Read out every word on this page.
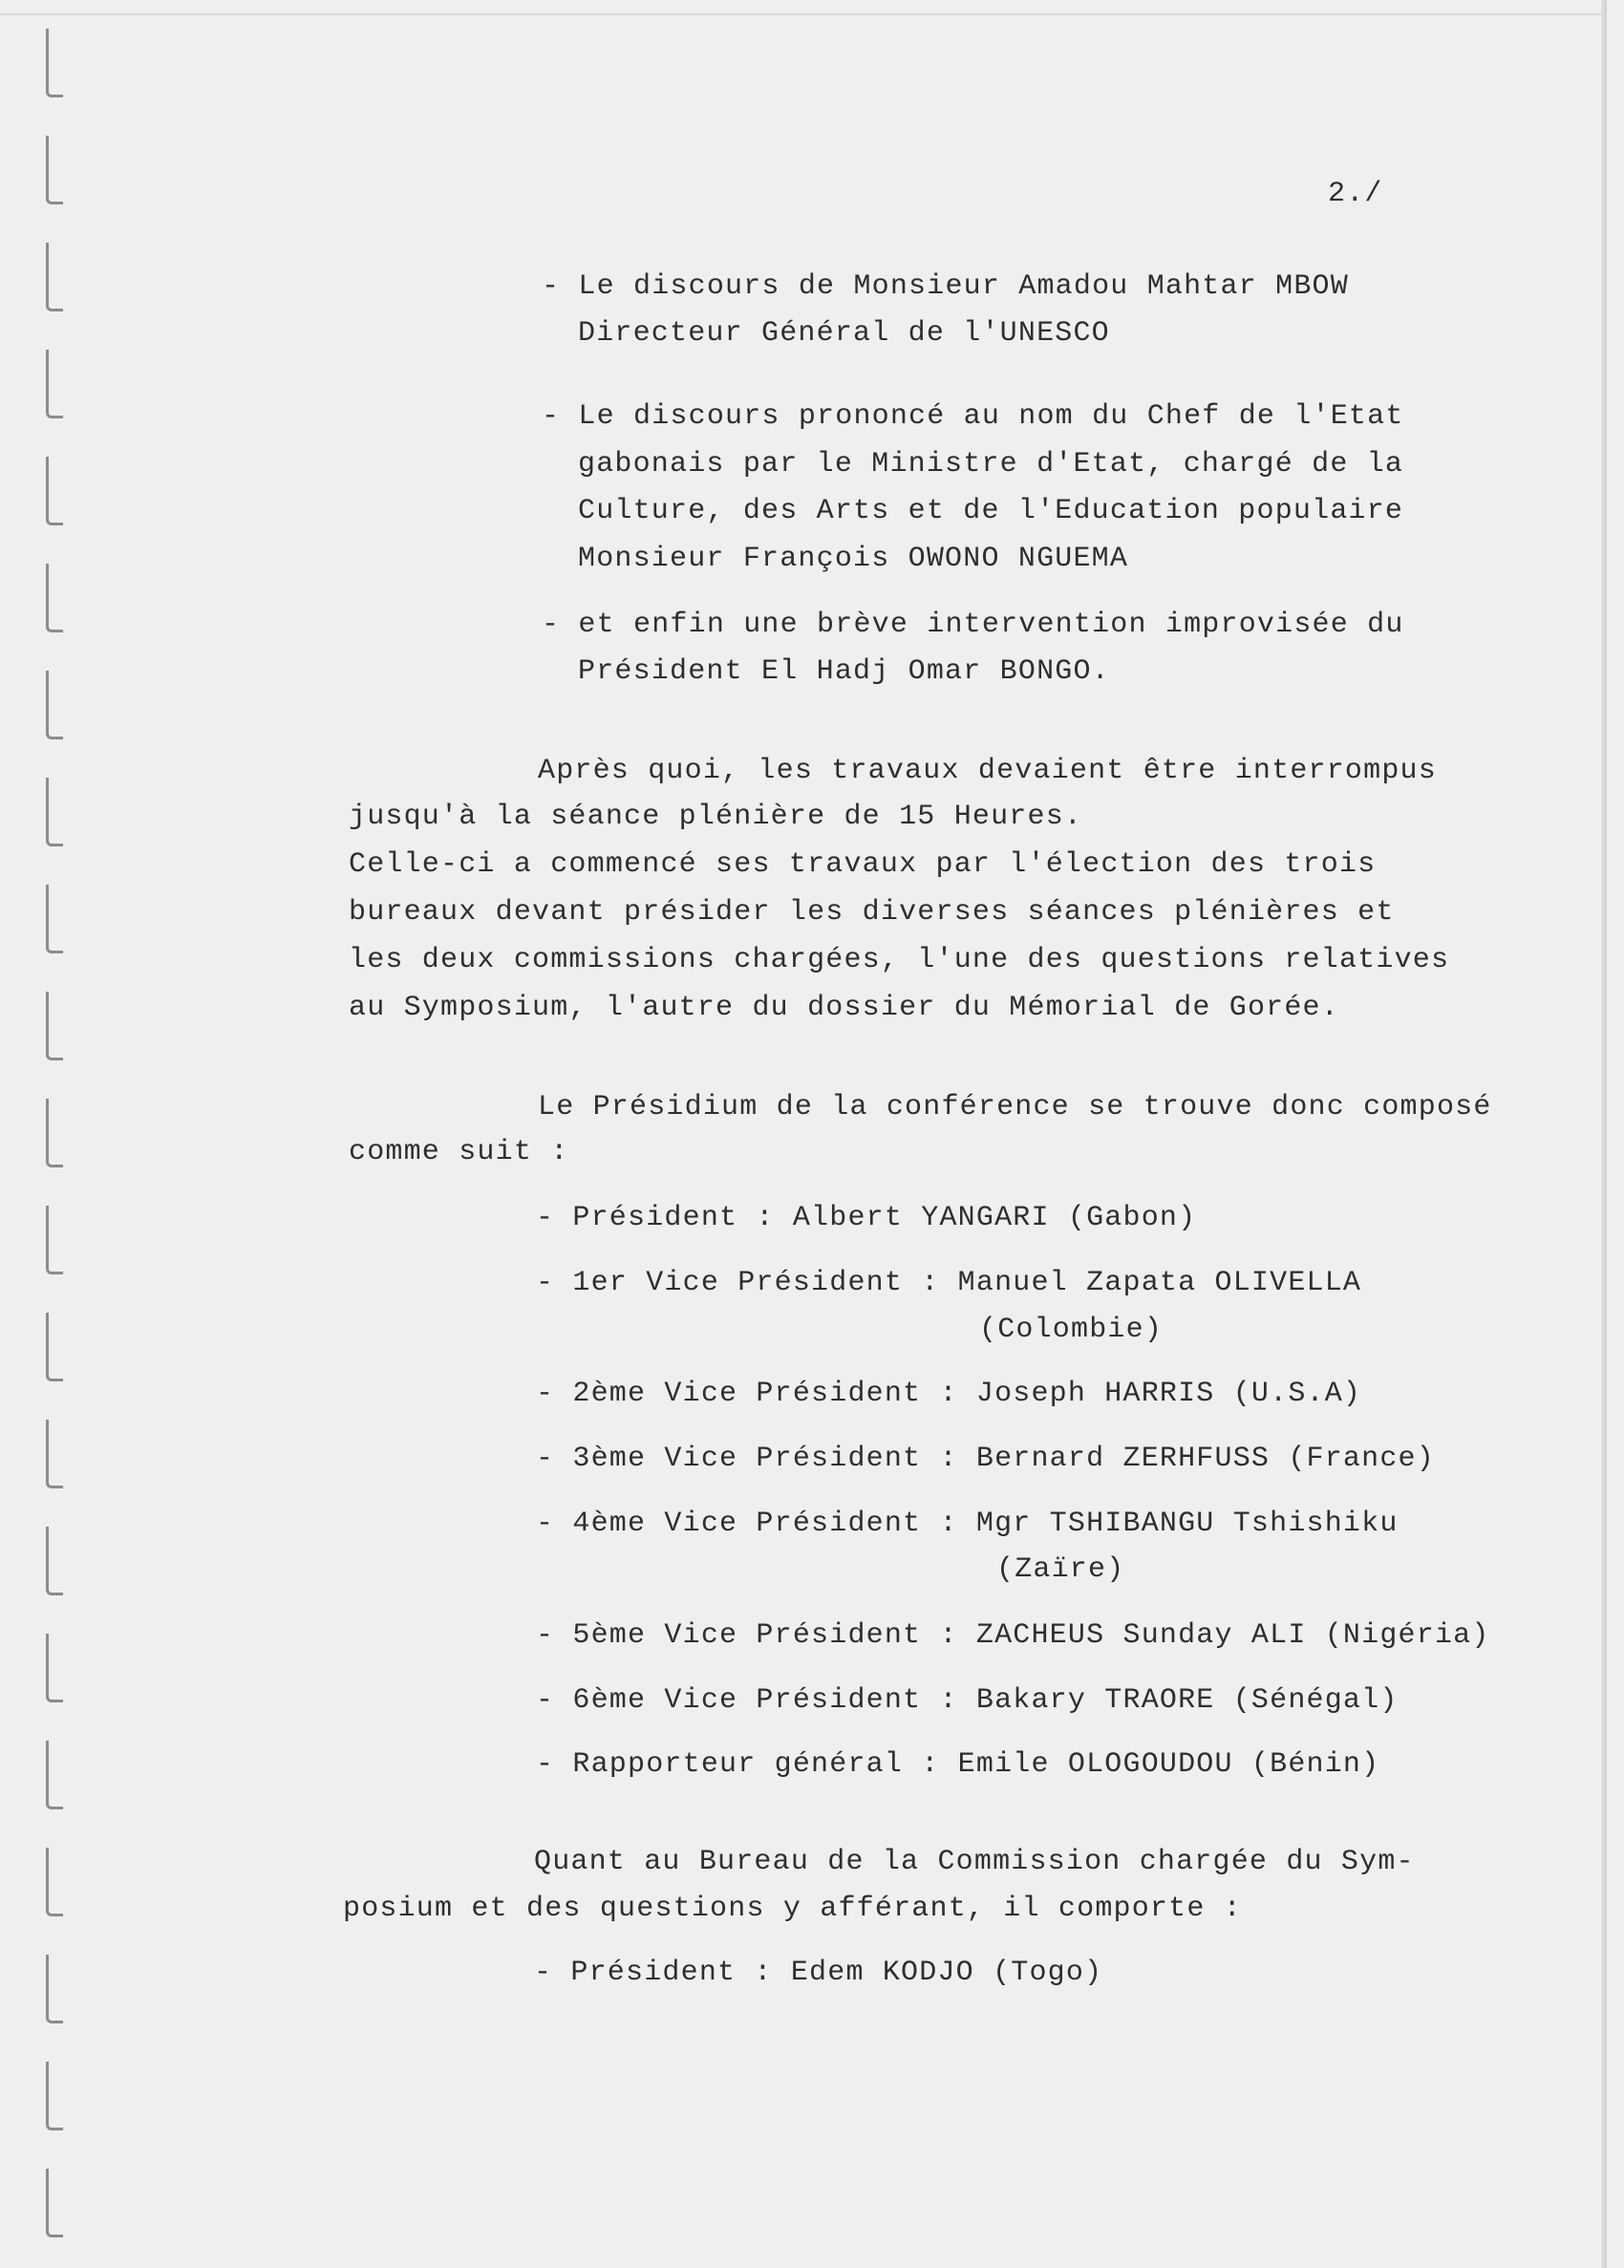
2./
- Le discours de Monsieur Amadou Mahtar MBOW
Directeur Général de l'UNESCO
- Le discours prononcé au nom du Chef de l'Etat
gabonais par le Ministre d'Etat, chargé de la
Culture, des Arts et de l'Education populaire
Monsieur François OWONO NGUEMA
- et enfin une brève intervention improvisée du
Président El Hadj Omar BONGO.
Après quoi, les travaux devaient être interrompus
jusqu'à la séance plénière de 15 Heures.
Celle-ci a commencé ses travaux par l'élection des trois
bureaux devant présider les diverses séances plénières et
les deux commissions chargées, l'une des questions relatives
au Symposium, l'autre du dossier du Mémorial de Gorée.
Le Présidium de la conférence se trouve donc composé
comme suit :
- Président : Albert YANGARI (Gabon)
- 1er Vice Président : Manuel Zapata OLIVELLA
(Colombie)
- 2ème Vice Président : Joseph HARRIS (U.S.A)
- 3ème Vice Président : Bernard ZERHFUSS (France)
- 4ème Vice Président : Mgr TSHIBANGU Tshishiku
(Zaïre)
- 5ème Vice Président : ZACHEUS Sunday ALI (Nigéria)
- 6ème Vice Président : Bakary TRAORE (Sénégal)
- Rapporteur général : Emile OLOGOUDOU (Bénin)
Quant au Bureau de la Commission chargée du Sym-
posium et des questions y afférant, il comporte :
- Président : Edem KODJO (Togo)
